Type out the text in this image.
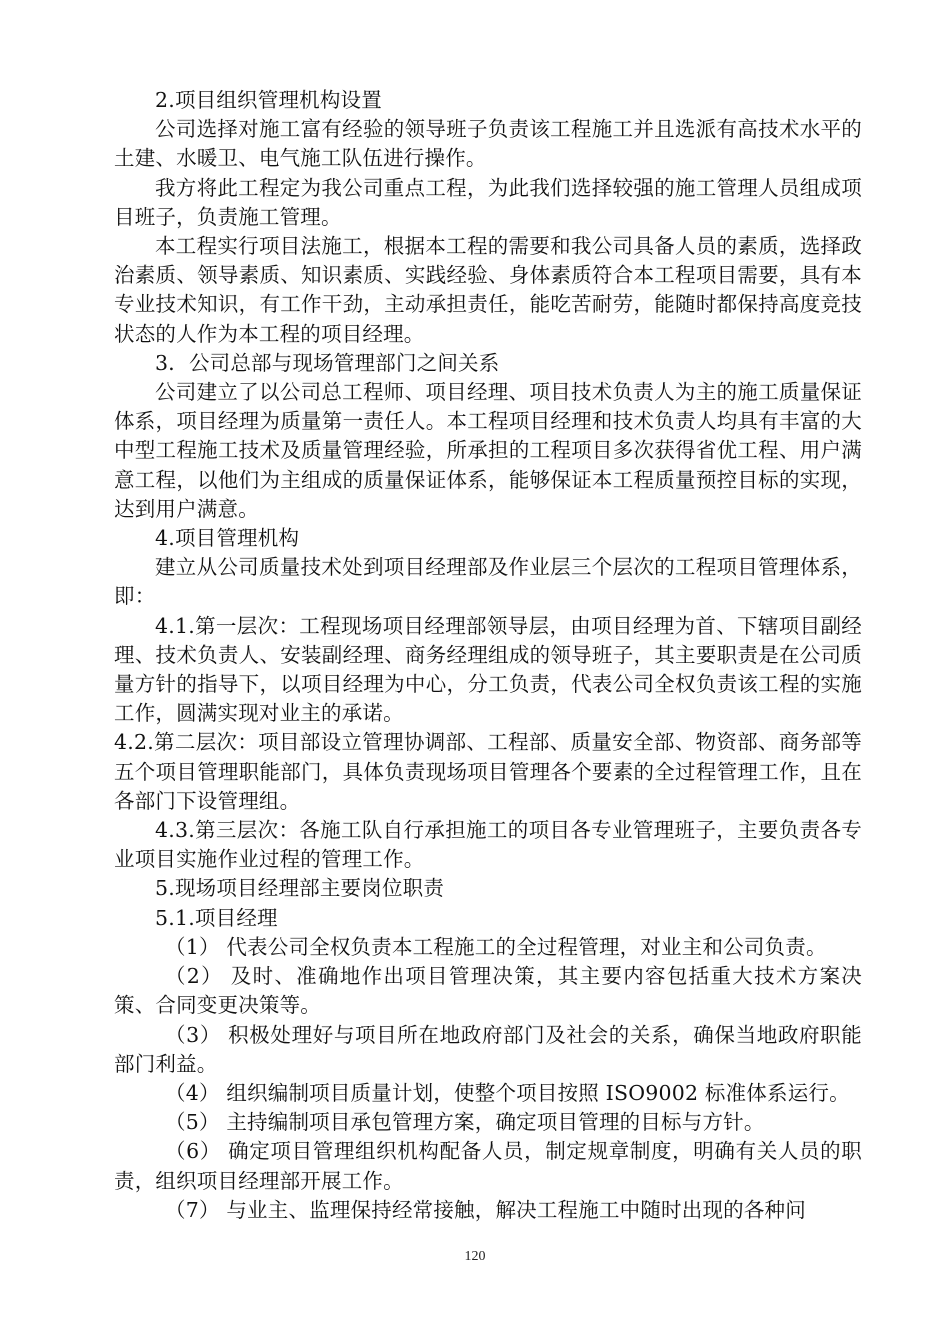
2.项目组织管理机构设置

公司选择对施工富有经验的领导班子负责该工程施工并且选派有高技术水平的土建、水暖卫、电气施工队伍进行操作。

我方将此工程定为我公司重点工程，为此我们选择较强的施工管理人员组成项目班子，负责施工管理。

本工程实行项目法施工，根据本工程的需要和我公司具备人员的素质，选择政治素质、领导素质、知识素质、实践经验、身体素质符合本工程项目需要，具有本专业技术知识，有工作干劲，主动承担责任，能吃苦耐劳，能随时都保持高度竞技状态的人作为本工程的项目经理。

3．公司总部与现场管理部门之间关系

公司建立了以公司总工程师、项目经理、项目技术负责人为主的施工质量保证体系，项目经理为质量第一责任人。本工程项目经理和技术负责人均具有丰富的大中型工程施工技术及质量管理经验，所承担的工程项目多次获得省优工程、用户满意工程，以他们为主组成的质量保证体系，能够保证本工程质量预控目标的实现，达到用户满意。

4.项目管理机构

建立从公司质量技术处到项目经理部及作业层三个层次的工程项目管理体系，即：

4.1.第一层次：工程现场项目经理部领导层，由项目经理为首、下辖项目副经理、技术负责人、安装副经理、商务经理组成的领导班子，其主要职责是在公司质量方针的指导下，以项目经理为中心，分工负责，代表公司全权负责该工程的实施工作，圆满实现对业主的承诺。

4.2.第二层次：项目部设立管理协调部、工程部、质量安全部、物资部、商务部等五个项目管理职能部门，具体负责现场项目管理各个要素的全过程管理工作，且在各部门下设管理组。

4.3.第三层次：各施工队自行承担施工的项目各专业管理班子，主要负责各专业项目实施作业过程的管理工作。

5.现场项目经理部主要岗位职责

5.1.项目经理

（1） 代表公司全权负责本工程施工的全过程管理，对业主和公司负责。

（2） 及时、准确地作出项目管理决策，其主要内容包括重大技术方案决策、合同变更决策等。

（3） 积极处理好与项目所在地政府部门及社会的关系，确保当地政府职能部门利益。

（4） 组织编制项目质量计划，使整个项目按照 ISO9002 标准体系运行。

（5） 主持编制项目承包管理方案，确定项目管理的目标与方针。

（6） 确定项目管理组织机构配备人员，制定规章制度，明确有关人员的职责，组织项目经理部开展工作。

（7） 与业主、监理保持经常接触，解决工程施工中随时出现的各种问

120
